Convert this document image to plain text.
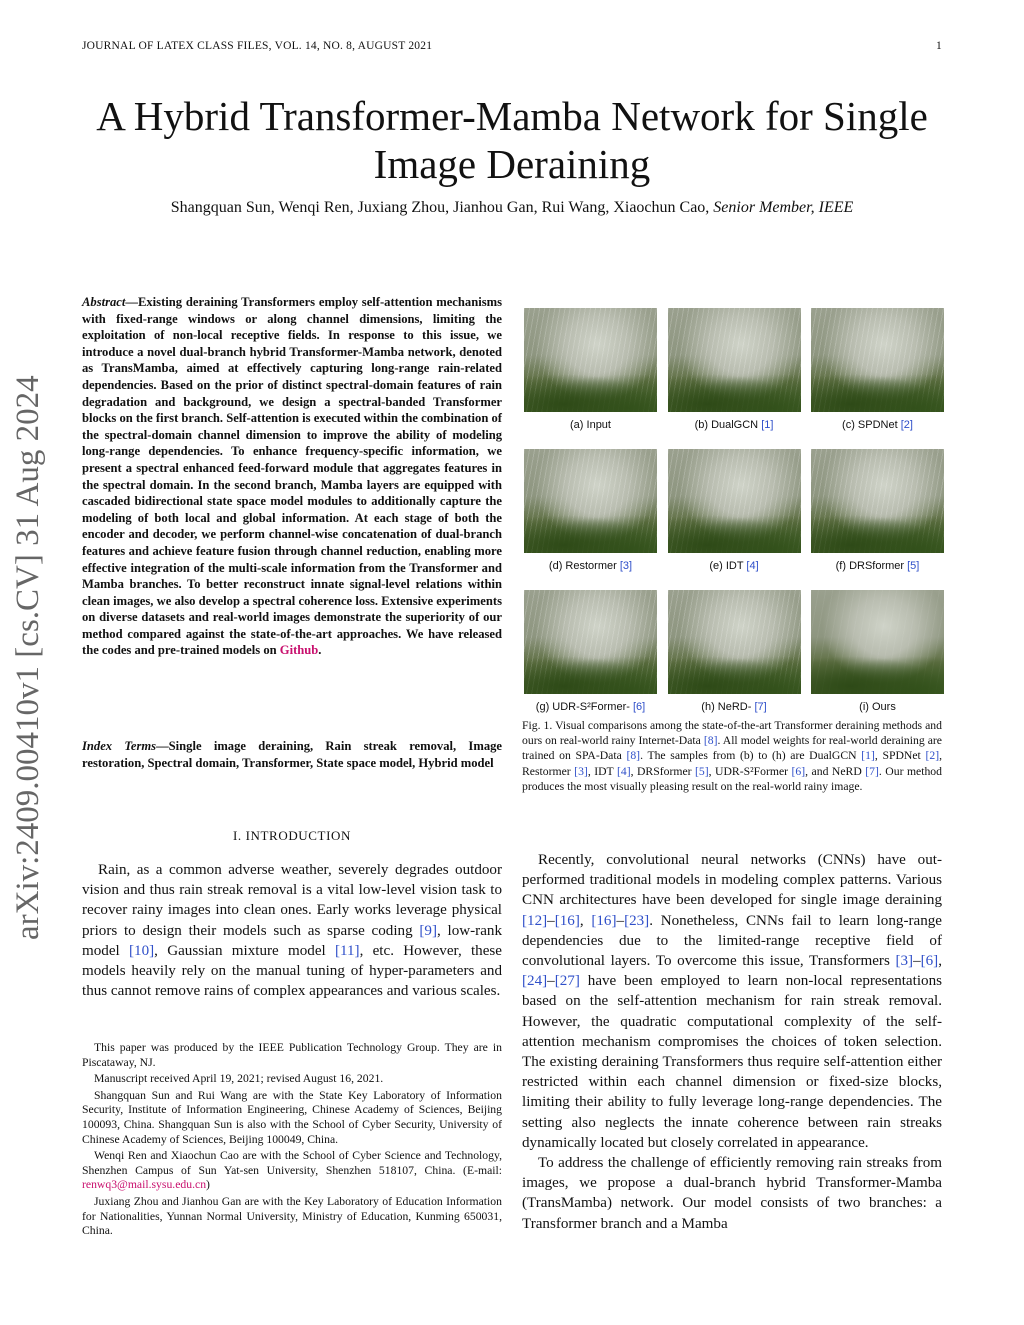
JOURNAL OF LATEX CLASS FILES, VOL. 14, NO. 8, AUGUST 2021	1
A Hybrid Transformer-Mamba Network for Single Image Deraining
Shangquan Sun, Wenqi Ren, Juxiang Zhou, Jianhou Gan, Rui Wang, Xiaochun Cao, Senior Member, IEEE
arXiv:2409.00410v1 [cs.CV] 31 Aug 2024
Abstract—Existing deraining Transformers employ self-attention mechanisms with fixed-range windows or along channel dimensions, limiting the exploitation of non-local receptive fields. In response to this issue, we introduce a novel dual-branch hybrid Transformer-Mamba network, denoted as TransMamba, aimed at effectively capturing long-range rain-related dependencies. Based on the prior of distinct spectral-domain features of rain degradation and background, we design a spectral-banded Transformer blocks on the first branch. Self-attention is executed within the combination of the spectral-domain channel dimension to improve the ability of modeling long-range dependencies. To enhance frequency-specific information, we present a spectral enhanced feed-forward module that aggregates features in the spectral domain. In the second branch, Mamba layers are equipped with cascaded bidirectional state space model modules to additionally capture the modeling of both local and global information. At each stage of both the encoder and decoder, we perform channel-wise concatenation of dual-branch features and achieve feature fusion through channel reduction, enabling more effective integration of the multi-scale information from the Transformer and Mamba branches. To better reconstruct innate signal-level relations within clean images, we also develop a spectral coherence loss. Extensive experiments on diverse datasets and real-world images demonstrate the superiority of our method compared against the state-of-the-art approaches. We have released the codes and pre-trained models on Github.
Index Terms—Single image deraining, Rain streak removal, Image restoration, Spectral domain, Transformer, State space model, Hybrid model
I. INTRODUCTION

Rain, as a common adverse weather, severely degrades outdoor vision and thus rain streak removal is a vital low-level vision task to recover rainy images into clean ones. Early works leverage physical priors to design their models such as sparse coding [9], low-rank model [10], Gaussian mixture model [11], etc. However, these models heavily rely on the manual tuning of hyper-parameters and thus cannot remove rains of complex appearances and various scales.

This paper was produced by the IEEE Publication Technology Group. They are in Piscataway, NJ.

Manuscript received April 19, 2021; revised August 16, 2021.

Shangquan Sun and Rui Wang are with the State Key Laboratory of Information Security, Institute of Information Engineering, Chinese Academy of Sciences, Beijing 100093, China. Shangquan Sun is also with the School of Cyber Security, University of Chinese Academy of Sciences, Beijing 100049, China.

Wenqi Ren and Xiaochun Cao are with the School of Cyber Science and Technology, Shenzhen Campus of Sun Yat-sen University, Shenzhen 518107, China. (E-mail: renwq3@mail.sysu.edu.cn)

Juxiang Zhou and Jianhou Gan are with the Key Laboratory of Education Information for Nationalities, Yunnan Normal University, Ministry of Education, Kunming 650031, China.

(a) Input	(b) DualGCN [1]	(c) SPDNet [2]
(d) Restormer [3]	(e) IDT [4]	(f) DRSformer [5]
(g) UDR-S²Former- [6]	(h) NeRD- [7]	(i) Ours
Fig. 1. Visual comparisons among the state-of-the-art Transformer deraining methods and ours on real-world rainy Internet-Data [8]. All model weights for real-world deraining are trained on SPA-Data [8]. The samples from (b) to (h) are DualGCN [1], SPDNet [2], Restormer [3], IDT [4], DRSformer [5], UDR-S²Former [6], and NeRD [7]. Our method produces the most visually pleasing result on the real-world rainy image.

Recently, convolutional neural networks (CNNs) have out-performed traditional models in modeling complex patterns. Various CNN architectures have been developed for single image deraining [12]–[16], [16]–[23]. Nonetheless, CNNs fail to learn long-range dependencies due to the limited-range receptive field of convolutional layers. To overcome this issue, Transformers [3]–[6], [24]–[27] have been employed to learn non-local representations based on the self-attention mechanism for rain streak removal. However, the quadratic computational complexity of the self-attention mechanism compromises the choices of token selection. The existing deraining Transformers thus require self-attention either restricted within each channel dimension or fixed-size blocks, limiting their ability to fully leverage long-range dependencies. The setting also neglects the innate coherence between rain streaks dynamically located but closely correlated in appearance.

To address the challenge of efficiently removing rain streaks from images, we propose a dual-branch hybrid Transformer-Mamba (TransMamba) network. Our model consists of two branches: a Transformer branch and a Mamba
